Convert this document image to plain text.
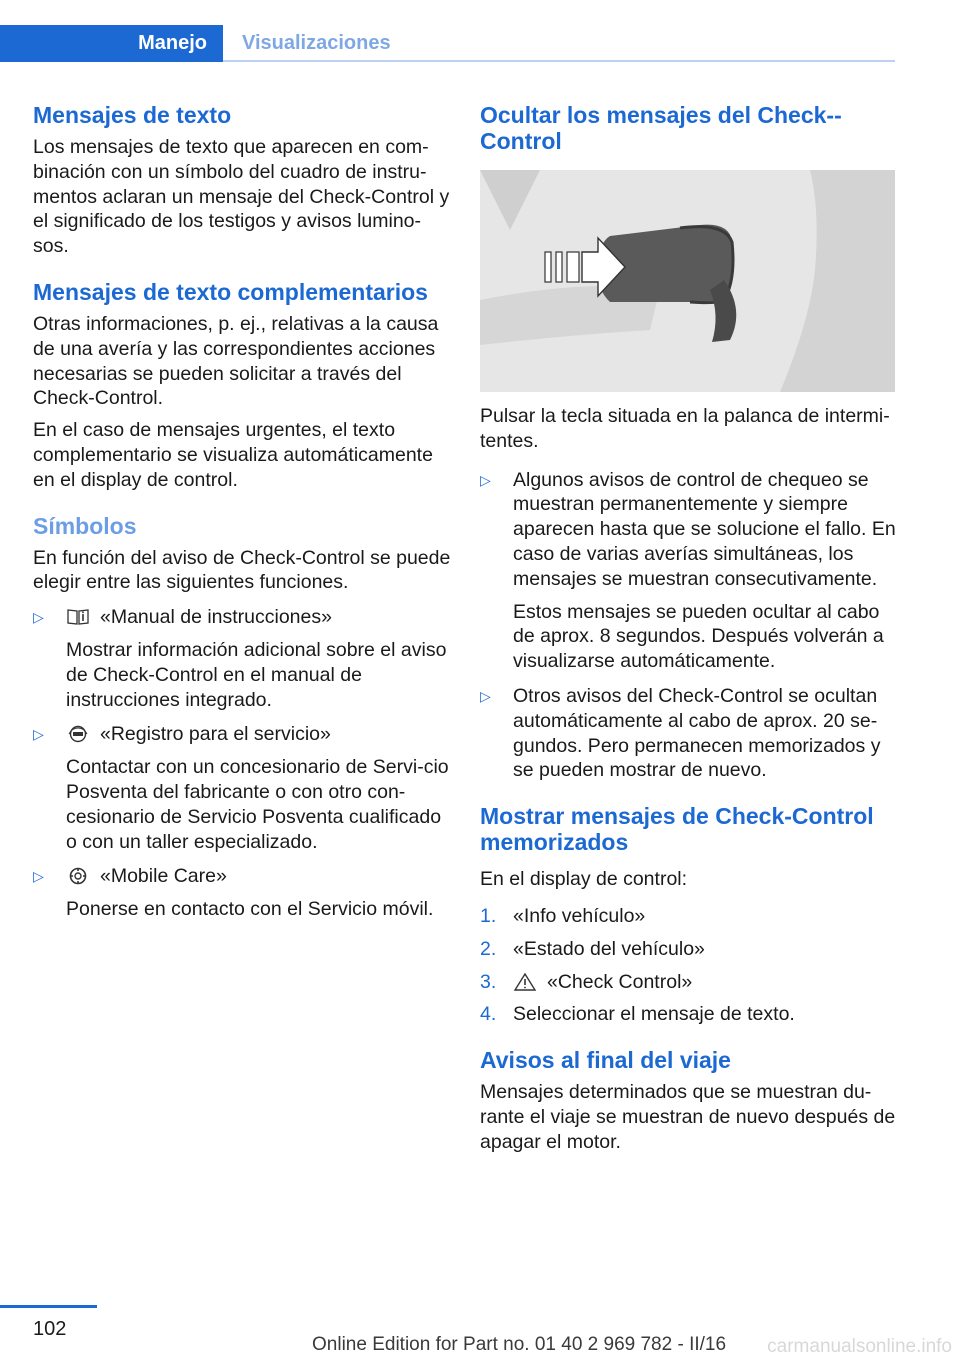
Manejo	Visualizaciones
Mensajes de texto

Los mensajes de texto que aparecen en com-binación con un símbolo del cuadro de instru-mentos aclaran un mensaje del Check-Control y el significado de los testigos y avisos lumino-sos.

Mensajes de texto complementarios

Otras informaciones, p. ej., relativas a la causa de una avería y las correspondientes acciones necesarias se pueden solicitar a través del Check-Control.

En el caso de mensajes urgentes, el texto complementario se visualiza automáticamente en el display de control.

Símbolos

En función del aviso de Check-Control se puede elegir entre las siguientes funciones.

▷	«Manual de instrucciones»

Mostrar información adicional sobre el aviso de Check-Control en el manual de instrucciones integrado.

▷	«Registro para el servicio»

Contactar con un concesionario de Servi-cio Posventa del fabricante o con otro con-cesionario de Servicio Posventa cualificado o con un taller especializado.

▷	«Mobile Care»

Ponerse en contacto con el Servicio móvil.

Ocultar los mensajes del Check--Control

Pulsar la tecla situada en la palanca de intermi-tentes.

▷	Algunos avisos de control de chequeo se muestran permanentemente y siempre aparecen hasta que se solucione el fallo. En caso de varias averías simultáneas, los mensajes se muestran consecutivamente.

Estos mensajes se pueden ocultar al cabo de aprox. 8 segundos. Después volverán a visualizarse automáticamente.

▷	Otros avisos del Check-Control se ocultan automáticamente al cabo de aprox. 20 se-gundos. Pero permanecen memorizados y se pueden mostrar de nuevo.

Mostrar mensajes de Check-Control memorizados

En el display de control:

1. «Info vehículo»

2. «Estado del vehículo»

3.	«Check Control»

4. Seleccionar el mensaje de texto.

Avisos al final del viaje

Mensajes determinados que se muestran du-rante el viaje se muestran de nuevo después de apagar el motor.

102
Online Edition for Part no. 01 40 2 969 782 - II/16 carmanualsonline.info
